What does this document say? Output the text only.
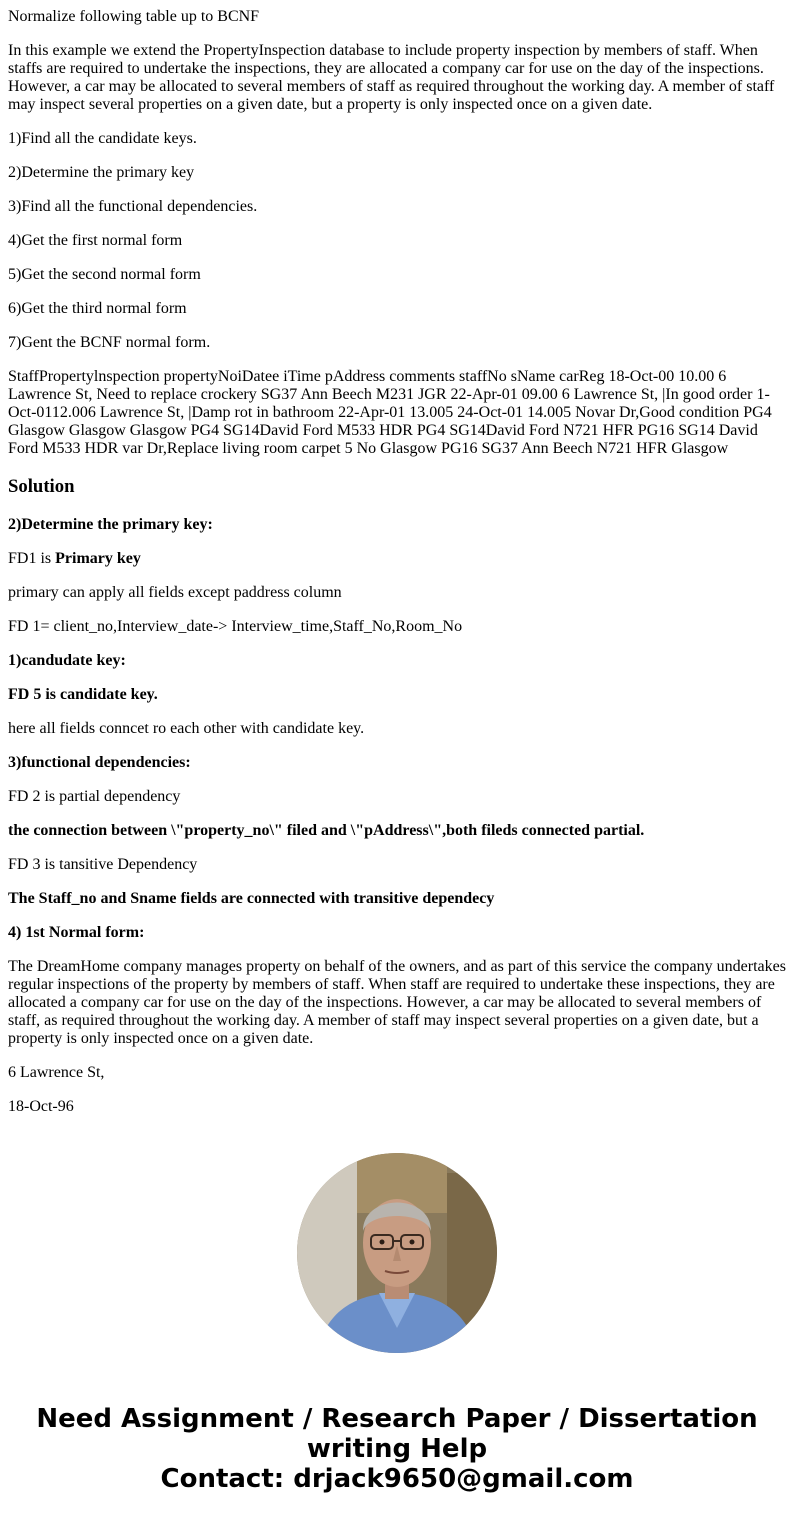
Normalize following table up to BCNF

In this example we extend the PropertyInspection database to include property inspection by members of staff. When staffs are required to undertake the inspections, they are allocated a company car for use on the day of the inspections. However, a car may be allocated to several members of staff as required throughout the working day. A member of staff may inspect several properties on a given date, but a property is only inspected once on a given date.

1)Find all the candidate keys.

2)Determine the primary key

3)Find all the functional dependencies.

4)Get the first normal form

5)Get the second normal form

6)Get the third normal form

7)Gent the BCNF normal form.

StaffPropertylnspection propertyNoiDatee iTime pAddress comments staffNo sName carReg 18-Oct-00 10.00 6 Lawrence St, Need to replace crockery SG37 Ann Beech M231 JGR 22-Apr-01 09.00 6 Lawrence St, |In good order 1-Oct-0112.006 Lawrence St, |Damp rot in bathroom 22-Apr-01 13.005 24-Oct-01 14.005 Novar Dr,Good condition PG4 Glasgow Glasgow Glasgow PG4 SG14David Ford M533 HDR PG4 SG14David Ford N721 HFR PG16 SG14 David Ford M533 HDR var Dr,Replace living room carpet 5 No Glasgow PG16 SG37 Ann Beech N721 HFR Glasgow

Solution

2)Determine the primary key:

FD1 is Primary key

primary can apply all fields except paddress column

FD 1= client_no,Interview_date-> Interview_time,Staff_No,Room_No

1)candudate key:

FD 5 is candidate key.

here all fields conncet ro each other with candidate key.

3)functional dependencies:

FD 2 is partial dependency

the connection between \"property_no\" filed and \"pAddress\",both fileds connected partial.

FD 3 is tansitive Dependency

The Staff_no and Sname fields are connected with transitive dependecy

4) 1st Normal form:

The DreamHome company manages property on behalf of the owners, and as part of this service the company undertakes regular inspections of the property by members of staff. When staff are required to undertake these inspections, they are allocated a company car for use on the day of the inspections. However, a car may be allocated to several members of staff, as required throughout the working day. A member of staff may inspect several properties on a given date, but a property is only inspected once on a given date.

6 Lawrence St,

18-Oct-96

Need Assignment / Research Paper / Dissertation
writing Help
Contact: drjack9650@gmail.com
